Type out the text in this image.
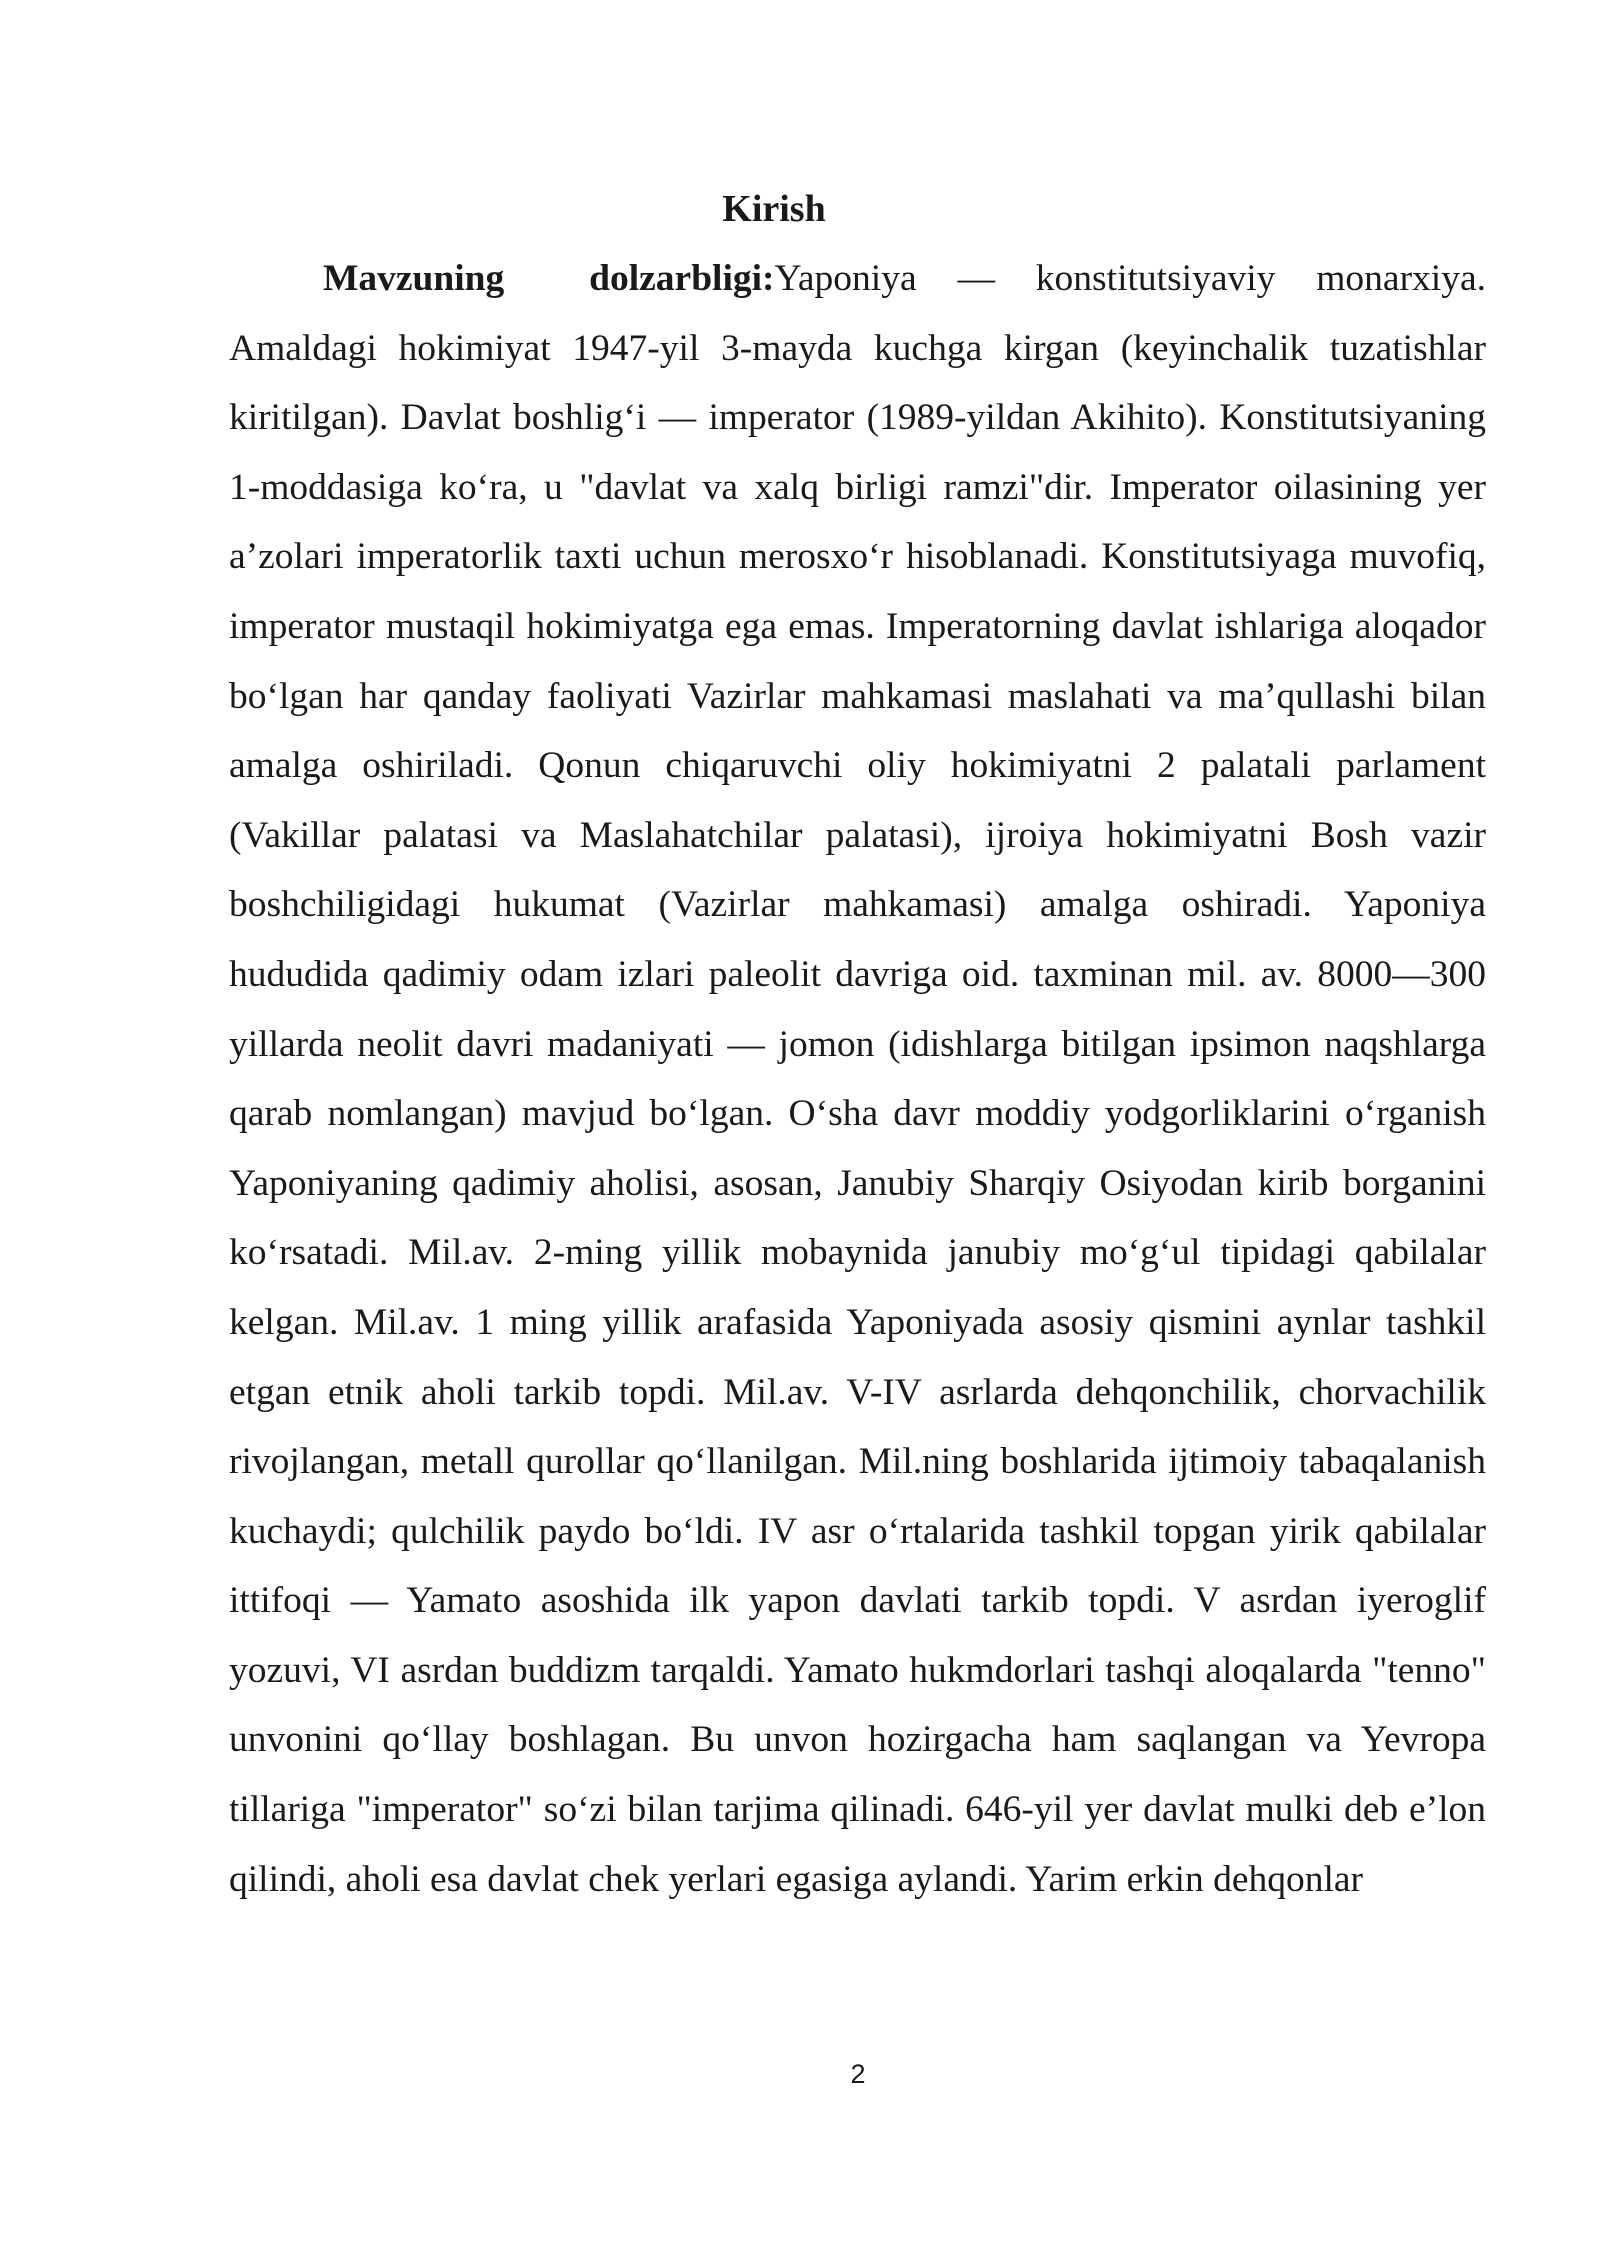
Kirish

Mavzuning dolzarbligi:Yaponiya — konstitutsiyaviy monarxiya. Amaldagi hokimiyat 1947-yil 3-mayda kuchga kirgan (keyinchalik tuzatishlar kiritilgan). Davlat boshlig‘i — imperator (1989-yildan Akihito). Konstitutsiyaning 1-moddasiga ko‘ra, u "davlat va xalq birligi ramzi"dir. Imperator oilasining yer a’zolari imperatorlik taxti uchun merosxo‘r hisoblanadi. Konstitutsiyaga muvofiq, imperator mustaqil hokimiyatga ega emas. Imperatorning davlat ishlariga aloqador bo‘lgan har qanday faoliyati Vazirlar mahkamasi maslahati va ma’qullashi bilan amalga oshiriladi. Qonun chiqaruvchi oliy hokimiyatni 2 palatali parlament (Vakillar palatasi va Maslahatchilar palatasi), ijroiya hokimiyatni Bosh vazir boshchiligidagi hukumat (Vazirlar mahkamasi) amalga oshiradi. Yaponiya hududida qadimiy odam izlari paleolit davriga oid. taxminan mil. av. 8000—300 yillarda neolit davri madaniyati — jomon (idishlarga bitilgan ipsimon naqshlarga qarab nomlangan) mavjud bo‘lgan. O‘sha davr moddiy yodgorliklarini o‘rganish Yaponiyaning qadimiy aholisi, asosan, Janubiy Sharqiy Osiyodan kirib borganini ko‘rsatadi. Mil.av. 2-ming yillik mobaynida janubiy mo‘g‘ul tipidagi qabilalar kelgan. Mil.av. 1 ming yillik arafasida Yaponiyada asosiy qismini aynlar tashkil etgan etnik aholi tarkib topdi. Mil.av. V-IV asrlarda dehqonchilik, chorvachilik rivojlangan, metall qurollar qo‘llanilgan. Mil.ning boshlarida ijtimoiy tabaqalanish kuchaydi; qulchilik paydo bo‘ldi. IV asr o‘rtalarida tashkil topgan yirik qabilalar ittifoqi — Yamato asoshida ilk yapon davlati tarkib topdi. V asrdan iyeroglif yozuvi, VI asrdan buddizm tarqaldi. Yamato hukmdorlari tashqi aloqalarda "tenno" unvonini qo‘llay boshlagan. Bu unvon hozirgacha ham saqlangan va Yevropa tillariga "imperator" so‘zi bilan tarjima qilinadi. 646-yil yer davlat mulki deb e’lon qilindi, aholi esa davlat chek yerlari egasiga aylandi. Yarim erkin dehqonlar

2
